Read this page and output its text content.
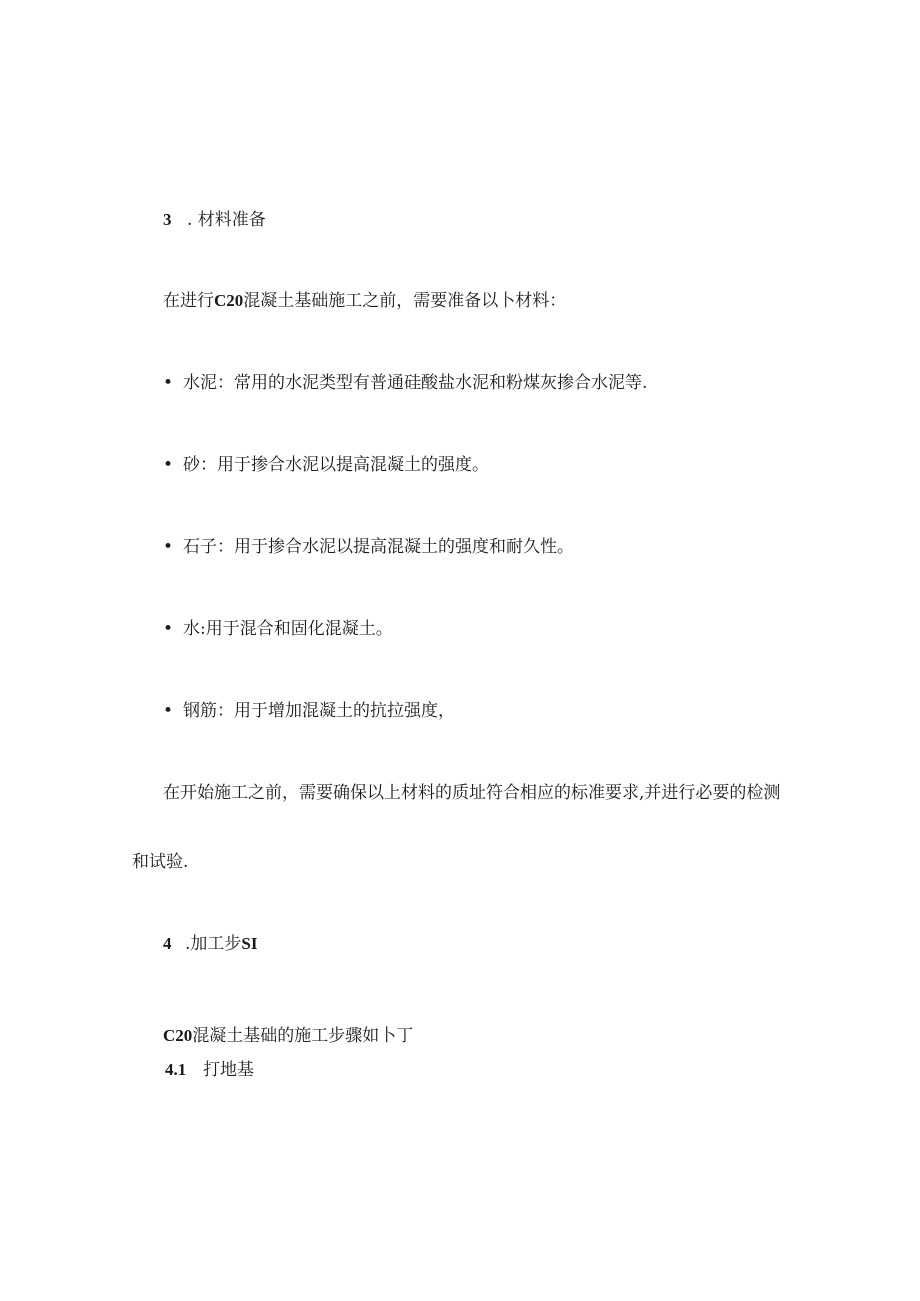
3 . 材料准备
在进行C20混凝土基础施工之前，需要准备以卜材料：
• 水泥：常用的水泥类型有普通硅酸盐水泥和粉煤灰掺合水泥等.
• 砂：用于掺合水泥以提高混凝土的强度。
• 石子：用于掺合水泥以提高混凝土的强度和耐久性。
• 水:用于混合和固化混凝土。
• 钢筋：用于增加混凝土的抗拉强度，
在开始施工之前，需要确保以上材料的质址符合相应的标准要求,并进行必要的检测
和试验.
4 .加工步SI
C20混凝土基础的施工步骤如卜丁
4.1 打地基
